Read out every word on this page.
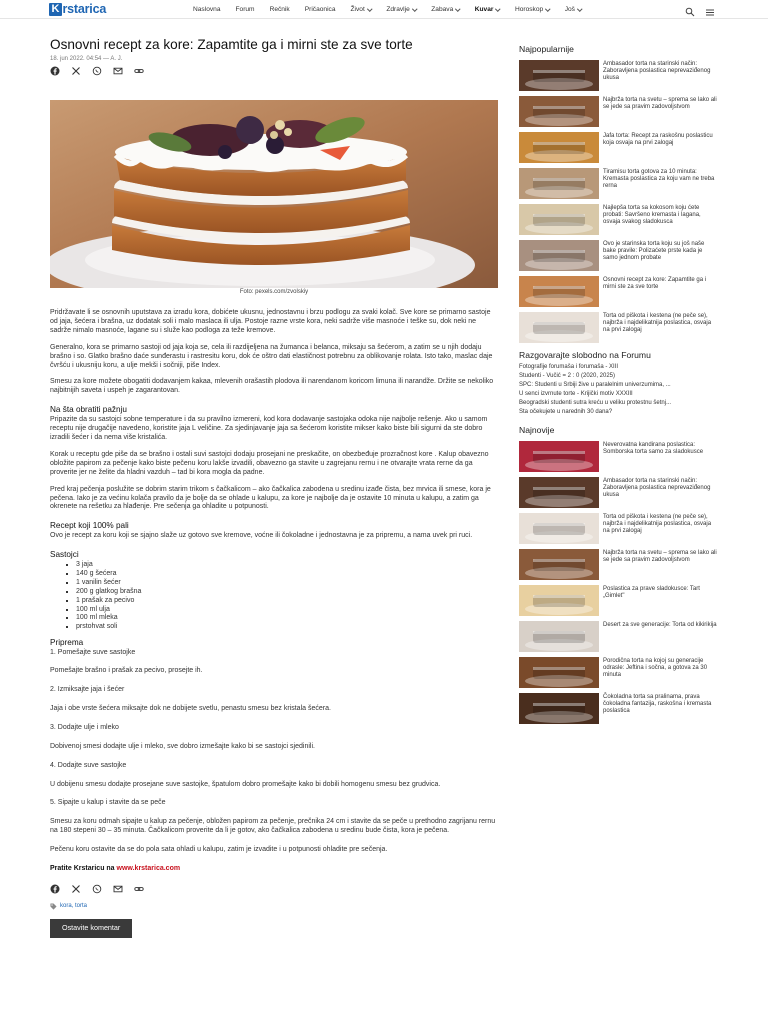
K rstarica	Naslovna Forum Rečnik Pričaonica Život	Zdravlje	Zabava	Kuvar	Horoskop	Još
Osnovni recept za kore: Zapamtite ga i mirni ste za sve torte
18. jun 2022. 04:54 — A. J.
Foto: pexels.com/zvolskiy

Pridržavate li se osnovnih uputstava za izradu kora, dobićete ukusnu, jednostavnu i brzu podlogu za svaki kolač. Sve kore se primarno sastoje od jaja, šećera i brašna, uz dodatak soli i malo maslaca ili ulja. Postoje razne vrste kora, neki sadrže više masnoće i teške su, dok neki ne sadrže nimalo masnoće, lagane su i služe kao podloga za teže kremove.

Generalno, kora se primarno sastoji od jaja koja se, cela ili razdijeljena na žumanca i belanca, miksaju sa šećerom, a zatim se u njih dodaju brašno i so. Glatko brašno daće sunđerastu i rastresitu koru, dok će oštro dati elastičnost potrebnu za oblikovanje rolata. Isto tako, maslac daje čvršću i ukusniju koru, a ulje mekši i sočniji, piše Index.

Smesu za kore možete obogatiti dodavanjem kakaa, mlevenih orašastih plodova ili narendanom koricom limuna ili narandže. Držite se nekoliko najbitnijih saveta i uspeh je zagarantovan.

Na šta obratiti pažnju

Pripazite da su sastojci sobne temperature i da su pravilno izmereni, kod kora dodavanje sastojaka odoka nije najbolje rešenje. Ako u samom receptu nije drugačije navedeno, koristite jaja L veličine. Za sjedinjavanje jaja sa šećerom koristite mikser kako biste bili sigurni da ste dobro izradili šećer i da nema više kristalića.

Korak u receptu gde piše da se brašno i ostali suvi sastojci dodaju prosejani ne preskačite, on obezbeđuje prozračnost kore . Kalup obavezno obložite papirom za pečenje kako biste pečenu koru lakše izvadili, obavezno ga stavite u zagrejanu rernu i ne otvarajte vrata rerne da ga proverite jer ne želite da hladni vazduh – tad bi kora mogla da padne.

Pred kraj pečenja poslužite se dobrim starim trikom s čačkalicom – ako čačkalica zabodena u sredinu izađe čista, bez mrvica ili smese, kora je pečena. Iako je za većinu kolača pravilo da je bolje da se ohlade u kalupu, za kore je najbolje da je ostavite 10 minuta u kalupu, a zatim ga okrenete na rešetku za hlađenje. Pre sečenja ga ohladite u potpunosti.

Recept koji 100% pali

Ovo je recept za koru koji se sjajno slaže uz gotovo sve kremove, voćne ili čokoladne i jednostavna je za pripremu, a nama uvek pri ruci.

Sastojci
▪ 3 jaja
▪ 140 g šećera
▪ 1 vanilin šećer
▪ 200 g glatkog brašna
▪ 1 prašak za pecivo
▪ 100 ml ulja
▪ 100 ml mleka
▪ prstohvat soli
Priprema
1. Pomešajte suve sastojke
Pomešajte brašno i prašak za pecivo, prosejte ih.
2. Izmiksajte jaja i šećer
Jaja i obe vrste šećera miksajte dok ne dobijete svetlu, penastu smesu bez kristala šećera.
3. Dodajte ulje i mleko
Dobivenoj smesi dodajte ulje i mleko, sve dobro izmešajte kako bi se sastojci sjedinili.
4. Dodajte suve sastojke
U dobijenu smesu dodajte prosejane suve sastojke, špatulom dobro promešajte kako bi dobili homogenu smesu bez grudvica.
5. Sipajte u kalup i stavite da se peče
Smesu za koru odmah sipajte u kalup za pečenje, obložen papirom za pečenje, prečnika 24 cm i stavite da se peče u prethodno zagrijanu rernu na 180 stepeni 30 – 35 minuta. Čačkalicom proverite da li je gotov, ako čačkalica zabodena u sredinu bude čista, kora je pečena.
Pečenu koru ostavite da se do pola sata ohladi u kalupu, zatim je izvadite i u potpunosti ohladite pre sečenja.
Pratite Krstaricu na www.krstarica.com
kora, torta
Ostavite komentar
Najpopularnije
Ambasador torta na starinski način: Zaboravljena poslastica neprevaziđenog ukusa
Najbrža torta na svetu – sprema se lako ali se jede sa pravim zadovoljstvom
Jafa torta: Recept za raskošnu poslasticu koja osvaja na prvi zalogaj
Tiramisu torta gotova za 10 minuta: Kremasta poslastica za koju vam ne treba rerna
Najlepša torta sa kokosom koju ćete probati: Savršeno kremasta i lagana, osvaja svakog sladokusca
Ovo je starinska torta koju su još naše bake pravile: Polizaćete prste kada je samo jednom probate
Osnovni recept za kore: Zapamtite ga i mirni ste za sve torte
Torta od piškota i kestena (ne peče se), najbrža i najdelikatnija poslastica, osvaja na prvi zalogaj
Razgovarajte slobodno na Forumu
Fotografije forumaša i forumaša - XIII
Studenti - Vučić = 2 : 0 (2020, 2025)
SPC: Studenti u Srbiji žive u paralelnim univerzumima, ...
U senci izvrnute torte - Krijički motiv XXXIII
Beogradski studenti sutra kreću u veliku protestnu šetnj...
Šta očekujete u narednih 30 dana?
Najnovije
Neverovatna kandirana poslastica: Somborska torta samo za sladokusce
Ambasador torta na starinski način: Zaboravljena poslastica neprevaziđenog ukusa
Torta od piškota i kestena (ne peče se), najbrža i najdelikatnija poslastica, osvaja na prvi zalogaj
Najbrža torta na svetu – sprema se lako ali se jede sa pravim zadovoljstvom
Poslastica za prave sladokusce: Tart „Gimlet"
Desert za sve generacije: Torta od kikirikija
Porodična torta na kojoj su generacije odrasle: Jeftina i sočna, a gotova za 30 minuta
Čokoladna torta sa pralinama, prava čokoladna fantazija, raskošna i kremasta poslastica
